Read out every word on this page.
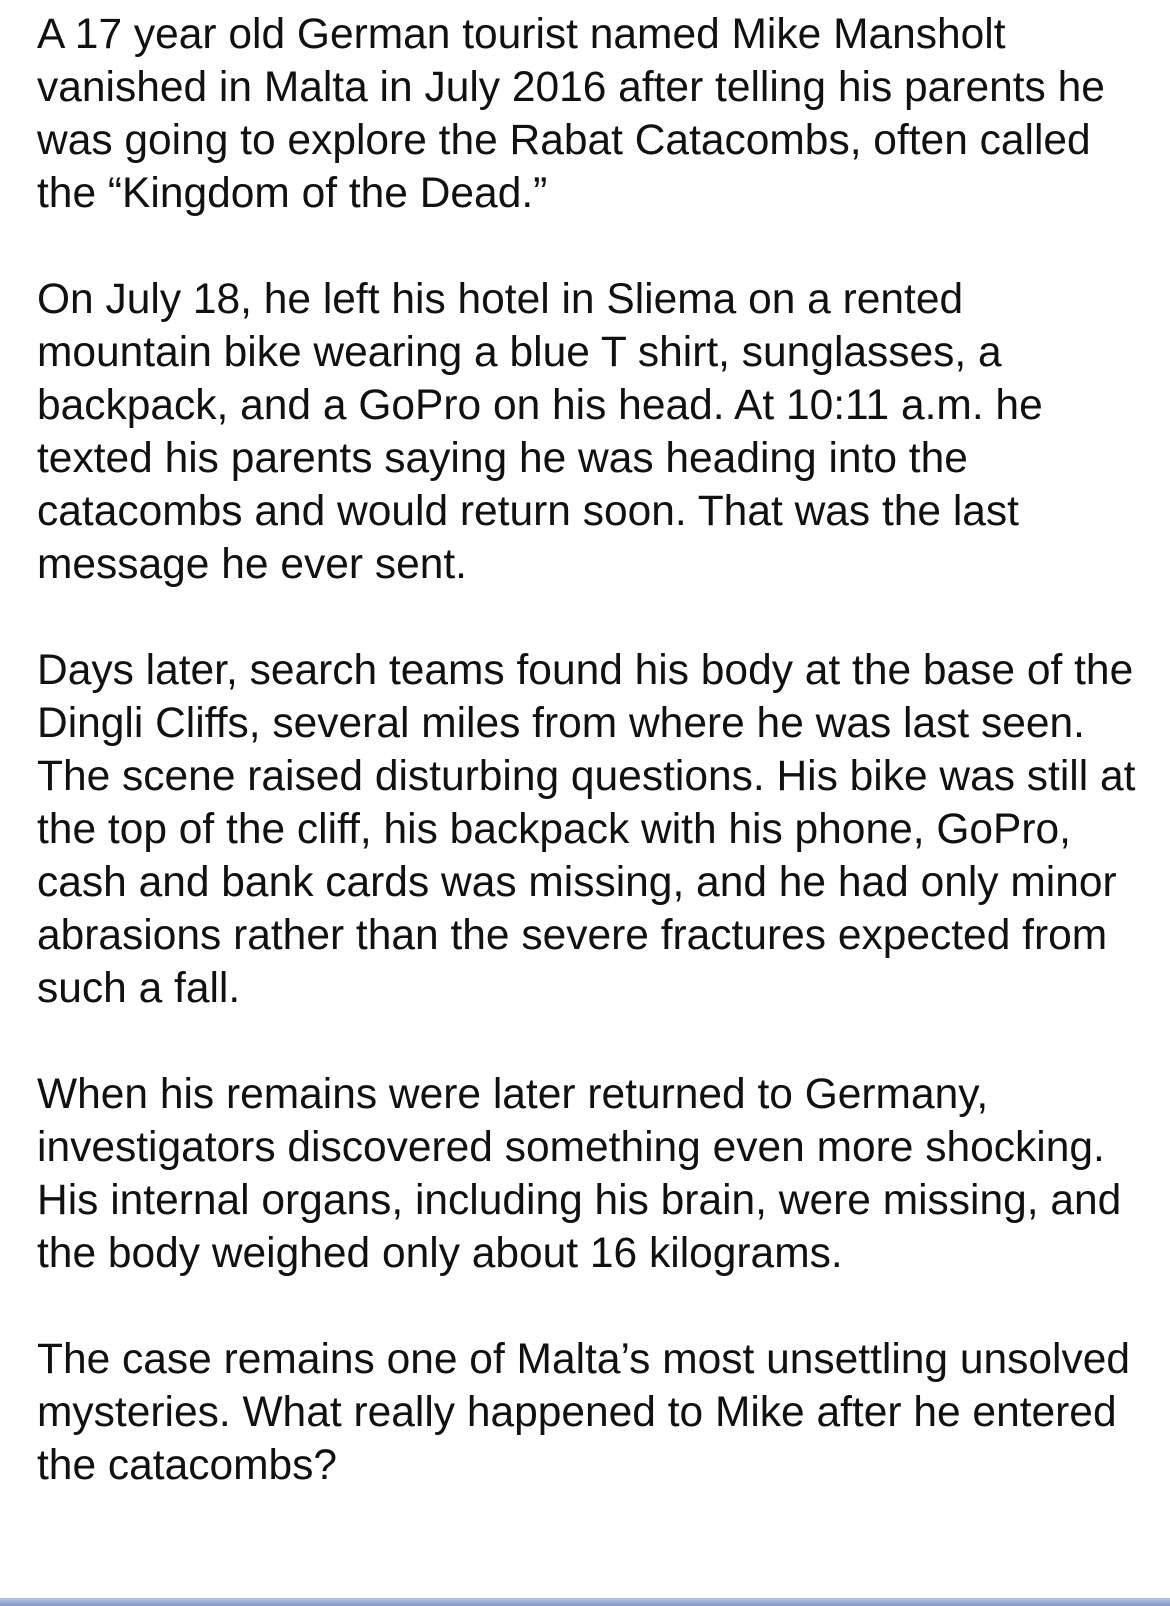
A 17 year old German tourist named Mike Mansholt vanished in Malta in July 2016 after telling his parents he was going to explore the Rabat Catacombs, often called the “Kingdom of the Dead.”

On July 18, he left his hotel in Sliema on a rented mountain bike wearing a blue T shirt, sunglasses, a backpack, and a GoPro on his head. At 10:11 a.m. he texted his parents saying he was heading into the catacombs and would return soon. That was the last message he ever sent.

Days later, search teams found his body at the base of the Dingli Cliffs, several miles from where he was last seen. The scene raised disturbing questions. His bike was still at the top of the cliff, his backpack with his phone, GoPro, cash and bank cards was missing, and he had only minor abrasions rather than the severe fractures expected from such a fall.

When his remains were later returned to Germany, investigators discovered something even more shocking. His internal organs, including his brain, were missing, and the body weighed only about 16 kilograms.

The case remains one of Malta’s most unsettling unsolved mysteries. What really happened to Mike after he entered the catacombs?
